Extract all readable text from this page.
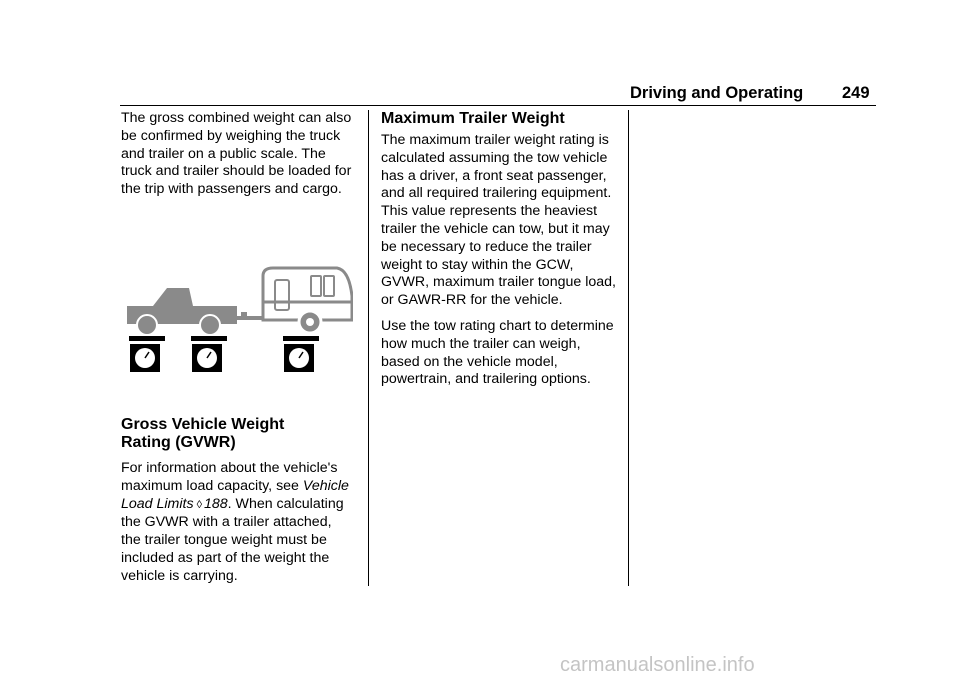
Driving and Operating 249

The gross combined weight can also be confirmed by weighing the truck and trailer on a public scale. The truck and trailer should be loaded for the trip with passengers and cargo.

Gross Vehicle Weight
Rating (GVWR)

For information about the vehicle's maximum load capacity, see Vehicle Load Limits ◊ 188. When calculating the GVWR with a trailer attached, the trailer tongue weight must be included as part of the weight the vehicle is carrying.

Maximum Trailer Weight

The maximum trailer weight rating is calculated assuming the tow vehicle has a driver, a front seat passenger, and all required trailering equipment. This value represents the heaviest trailer the vehicle can tow, but it may be necessary to reduce the trailer weight to stay within the GCW, GVWR, maximum trailer tongue load, or GAWR-RR for the vehicle.

Use the tow rating chart to determine how much the trailer can weigh, based on the vehicle model, powertrain, and trailering options.

carmanualsonline.info
